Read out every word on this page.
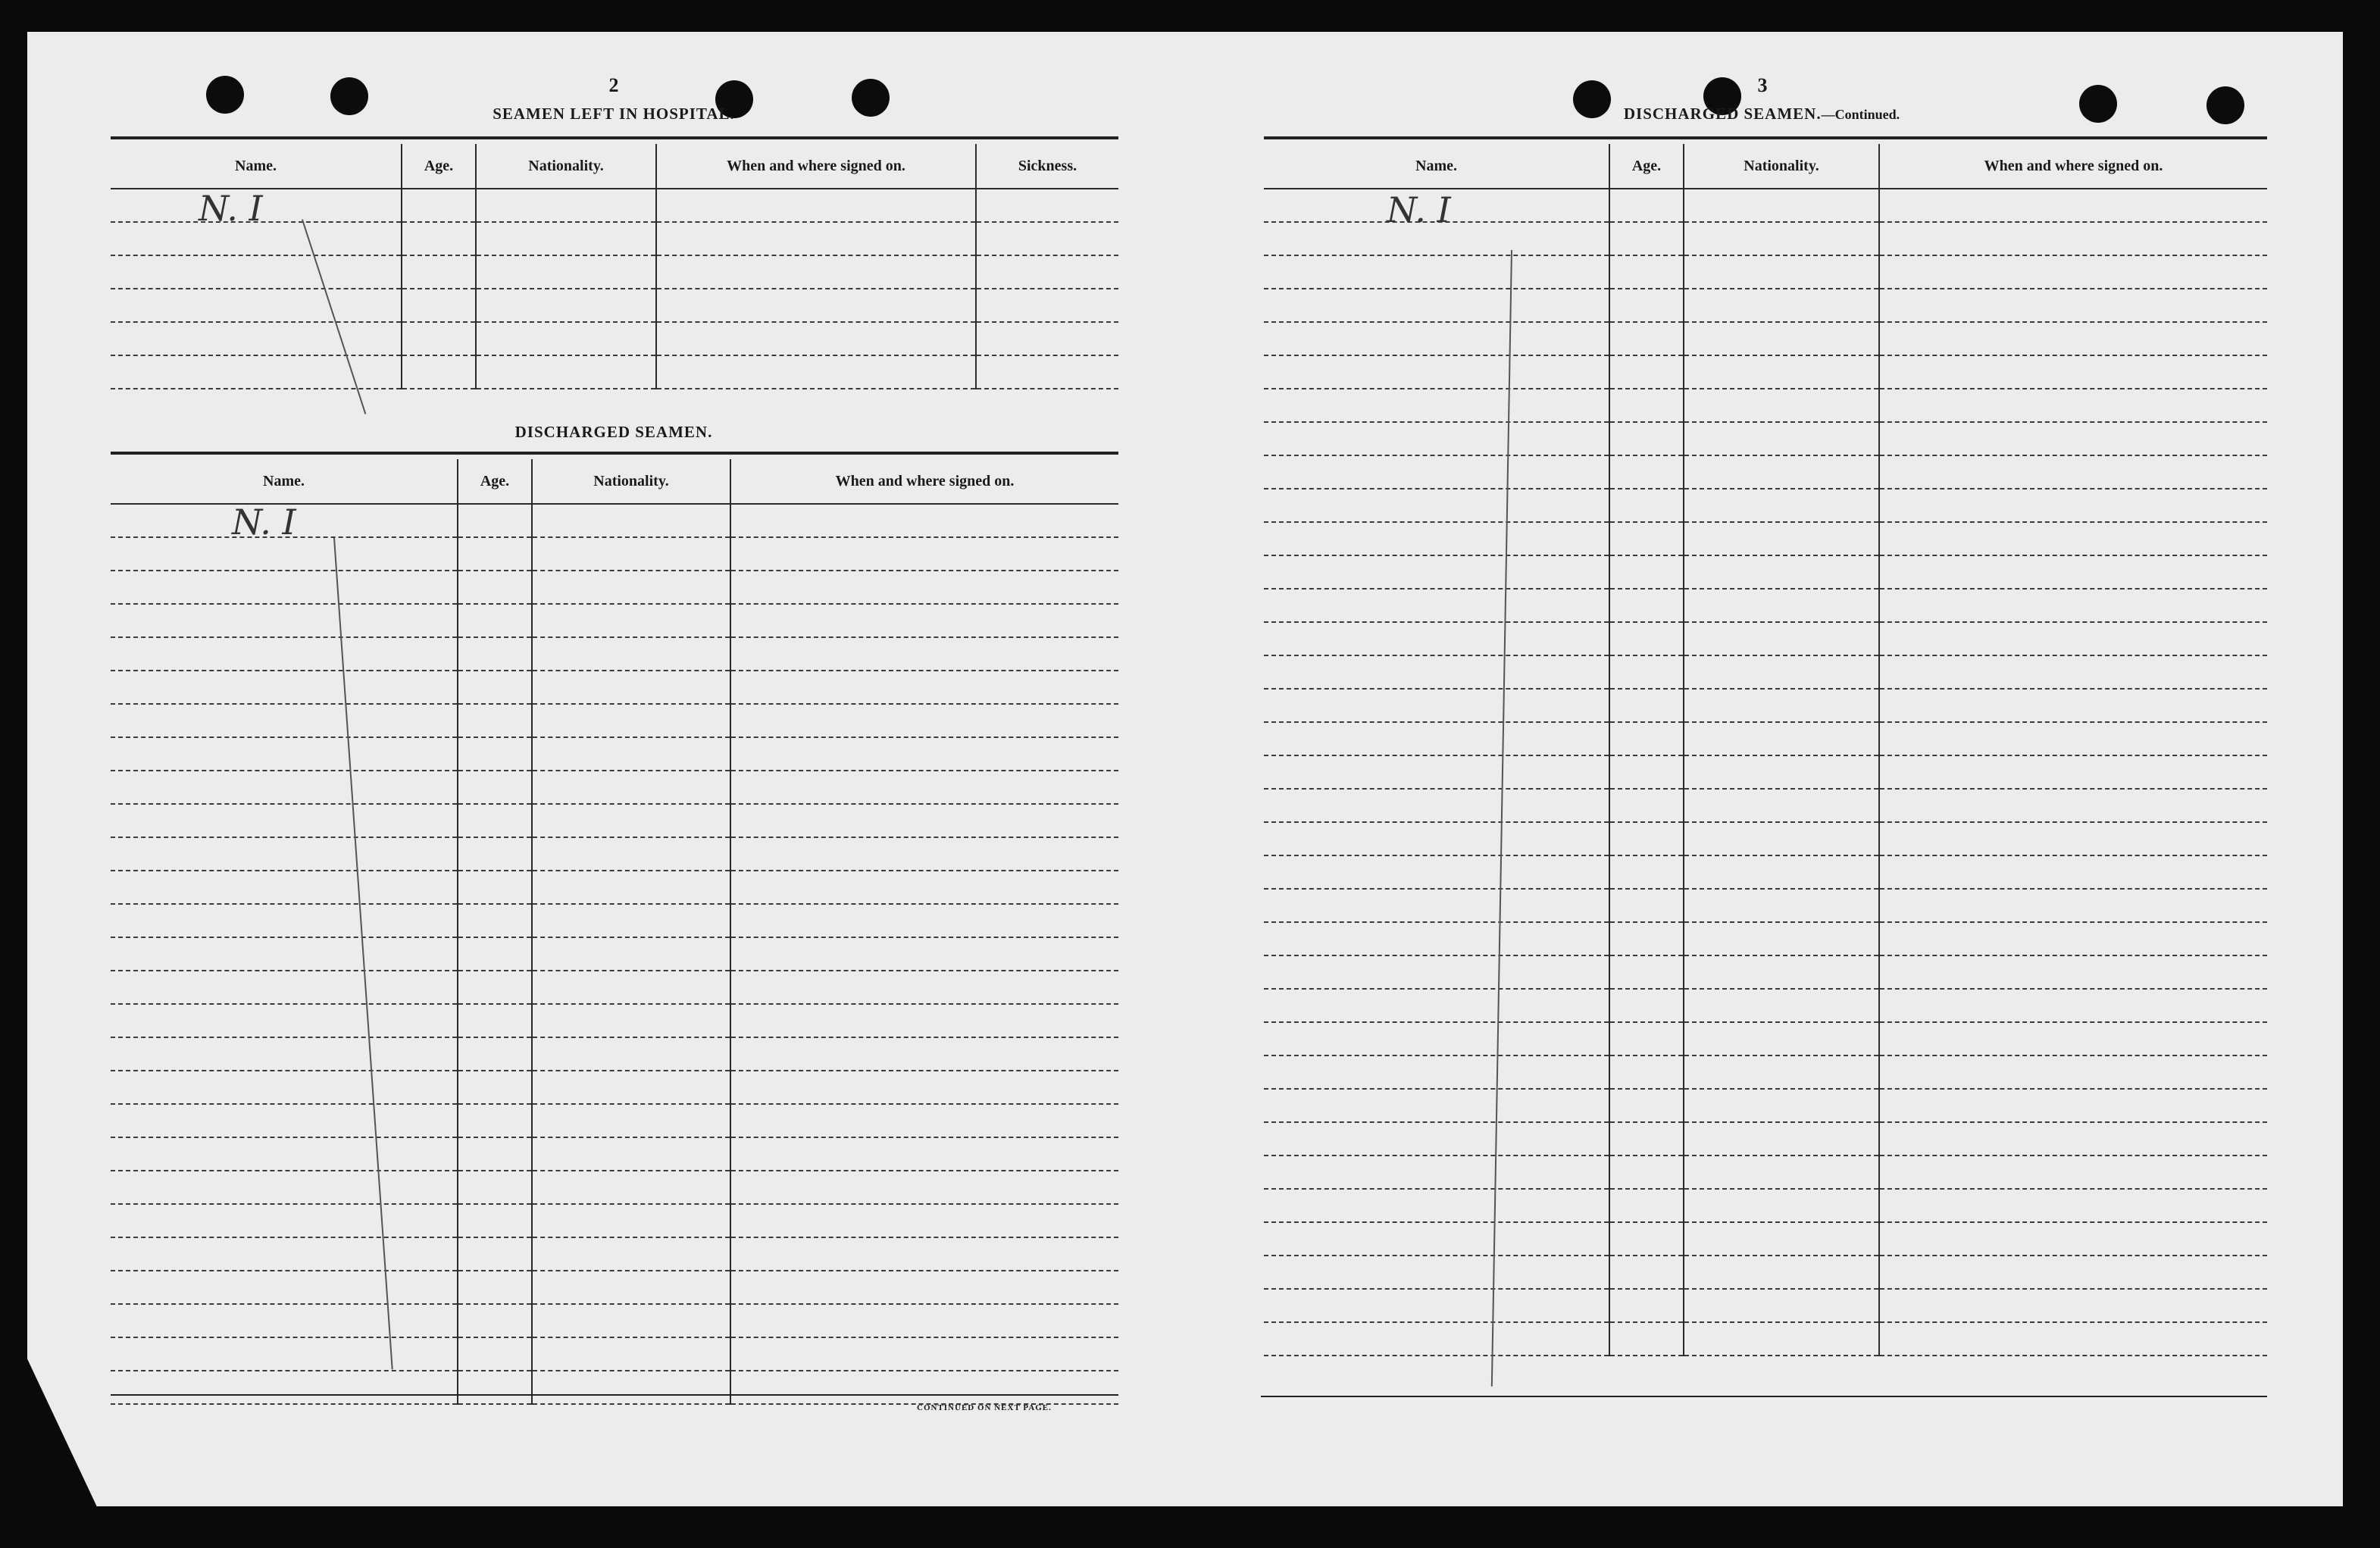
2
SEAMEN LEFT IN HOSPITAL.
Name.	Age.	Nationality.	When and where signed on.	Sickness.

N. I
DISCHARGED SEAMEN.
Name.	Age.	Nationality.	When and where signed on.

N. I
CONTINUED ON NEXT PAGE.
3
DISCHARGED SEAMEN.—Continued.
Name.	Age.	Nationality.	When and where signed on.

N. I
